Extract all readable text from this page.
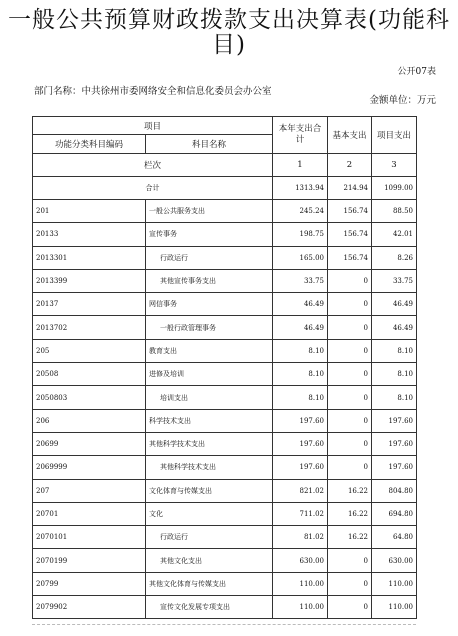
一般公共预算财政拨款支出决算表(功能科目)
公开07表
部门名称：中共徐州市委网络安全和信息化委员会办公室
金额单位：万元
项目		本年支出合计	基本支出	项目支出
功能分类科目编码	科目名称			
栏次		1	2	3
合计		1313.94	214.94	1099.00
201	一般公共服务支出	245.24	156.74	88.50
20133	宣传事务	198.75	156.74	42.01
2013301	行政运行	165.00	156.74	8.26
2013399	其他宣传事务支出	33.75	0	33.75
20137	网信事务	46.49	0	46.49
2013702	一般行政管理事务	46.49	0	46.49
205	教育支出	8.10	0	8.10
20508	进修及培训	8.10	0	8.10
2050803	培训支出	8.10	0	8.10
206	科学技术支出	197.60	0	197.60
20699	其他科学技术支出	197.60	0	197.60
2069999	其他科学技术支出	197.60	0	197.60
207	文化体育与传媒支出	821.02	16.22	804.80
20701	文化	711.02	16.22	694.80
2070101	行政运行	81.02	16.22	64.80
2070199	其他文化支出	630.00	0	630.00
20799	其他文化体育与传媒支出	110.00	0	110.00
2079902	宣传文化发展专项支出	110.00	0	110.00
